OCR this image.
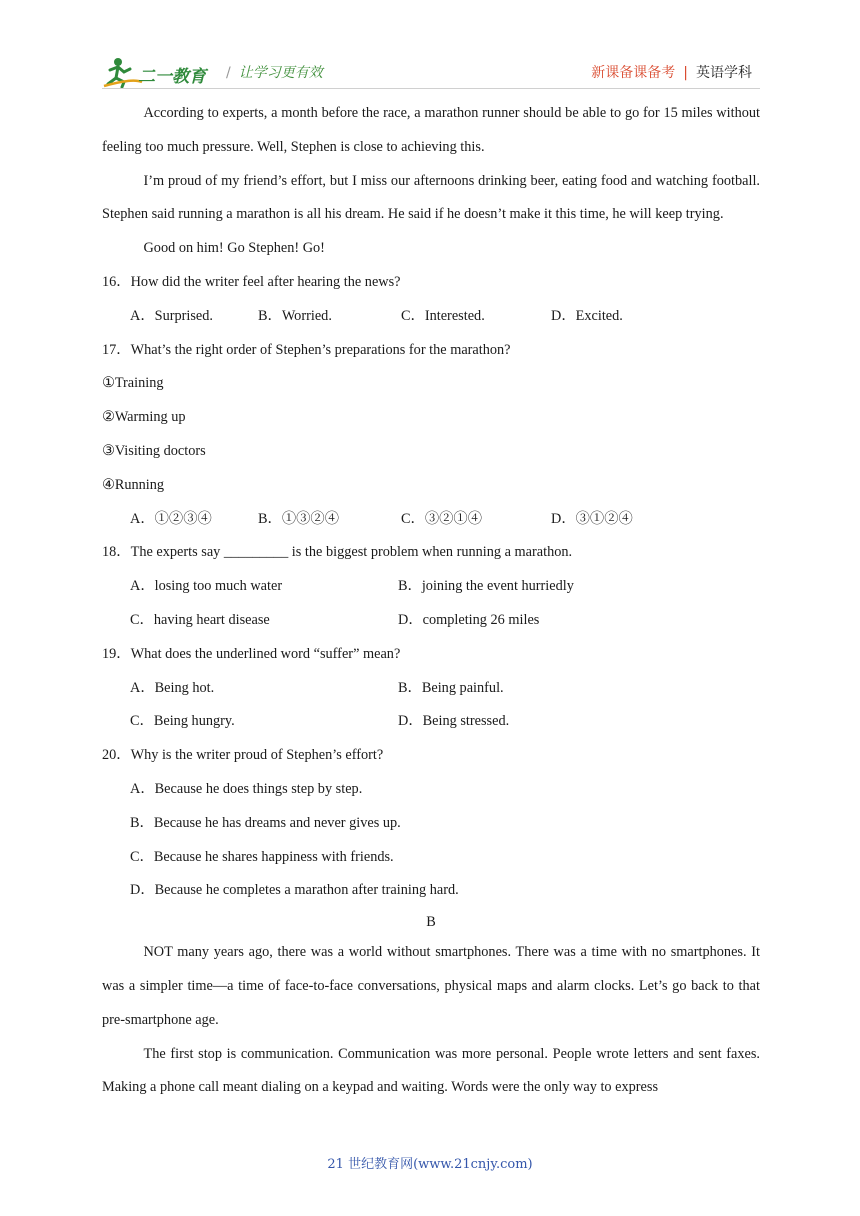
二一教育 / 让学习更有效	新课备课备考 | 英语学科

According to experts, a month before the race, a marathon runner should be able to go for 15 miles without feeling too much pressure. Well, Stephen is close to achieving this.

I’m proud of my friend’s effort, but I miss our afternoons drinking beer, eating food and watching football. Stephen said running a marathon is all his dream. He said if he doesn’t make it this time, he will keep trying.

Good on him! Go Stephen! Go!

16．How did the writer feel after hearing the news?

A．Surprised.	B．Worried.	C．Interested.	D．Excited.

17．What’s the right order of Stephen’s preparations for the marathon?

①Training

②Warming up

③Visiting doctors

④Running

A．①②③④	B．①③②④	C．③②①④	D．③①②④

18．The experts say _________ is the biggest problem when running a marathon.

A．losing too much water	B．joining the event hurriedly
C．having heart disease	D．completing 26 miles

19．What does the underlined word “suffer” mean?

A．Being hot.	B．Being painful.
C．Being hungry.	D．Being stressed.

20．Why is the writer proud of Stephen’s effort?

A．Because he does things step by step.

B．Because he has dreams and never gives up.

C．Because he shares happiness with friends.

D．Because he completes a marathon after training hard.

B

NOT many years ago, there was a world without smartphones. There was a time with no smartphones. It was a simpler time—a time of face-to-face conversations, physical maps and alarm clocks. Let’s go back to that pre-smartphone age.

The first stop is communication. Communication was more personal. People wrote letters and sent faxes. Making a phone call meant dialing on a keypad and waiting. Words were the only way to express

21 世纪教育网(www.21cnjy.com)
